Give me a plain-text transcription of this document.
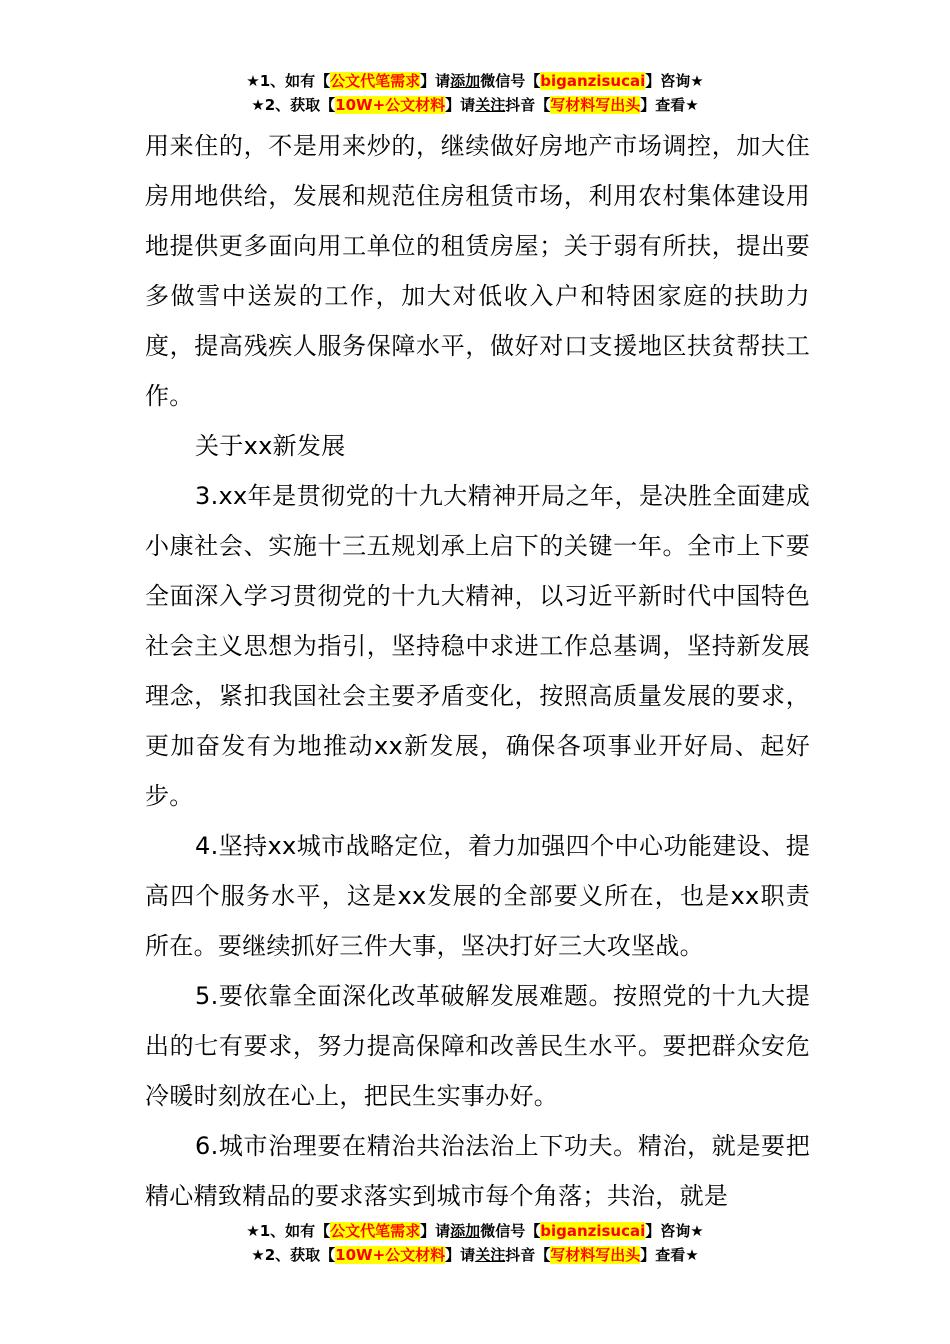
★1、如有【公文代笔需求】请添加微信号【biganzisucai】咨询★
★2、获取【10W+公文材料】请关注抖音【写材料写出头】查看★

用来住的，不是用来炒的，继续做好房地产市场调控，加大住房用地供给，发展和规范住房租赁市场，利用农村集体建设用地提供更多面向用工单位的租赁房屋；关于弱有所扶，提出要多做雪中送炭的工作，加大对低收入户和特困家庭的扶助力度，提高残疾人服务保障水平，做好对口支援地区扶贫帮扶工作。

关于xx新发展

3.xx年是贯彻党的十九大精神开局之年，是决胜全面建成小康社会、实施十三五规划承上启下的关键一年。全市上下要全面深入学习贯彻党的十九大精神，以习近平新时代中国特色社会主义思想为指引，坚持稳中求进工作总基调，坚持新发展理念，紧扣我国社会主要矛盾变化，按照高质量发展的要求，更加奋发有为地推动xx新发展，确保各项事业开好局、起好步。

4.坚持xx城市战略定位，着力加强四个中心功能建设、提高四个服务水平，这是xx发展的全部要义所在，也是xx职责所在。要继续抓好三件大事，坚决打好三大攻坚战。

5.要依靠全面深化改革破解发展难题。按照党的十九大提出的七有要求，努力提高保障和改善民生水平。要把群众安危冷暖时刻放在心上，把民生实事办好。

6.城市治理要在精治共治法治上下功夫。精治，就是要把精心精致精品的要求落实到城市每个角落；共治，就是

★1、如有【公文代笔需求】请添加微信号【biganzisucai】咨询★
★2、获取【10W+公文材料】请关注抖音【写材料写出头】查看★
